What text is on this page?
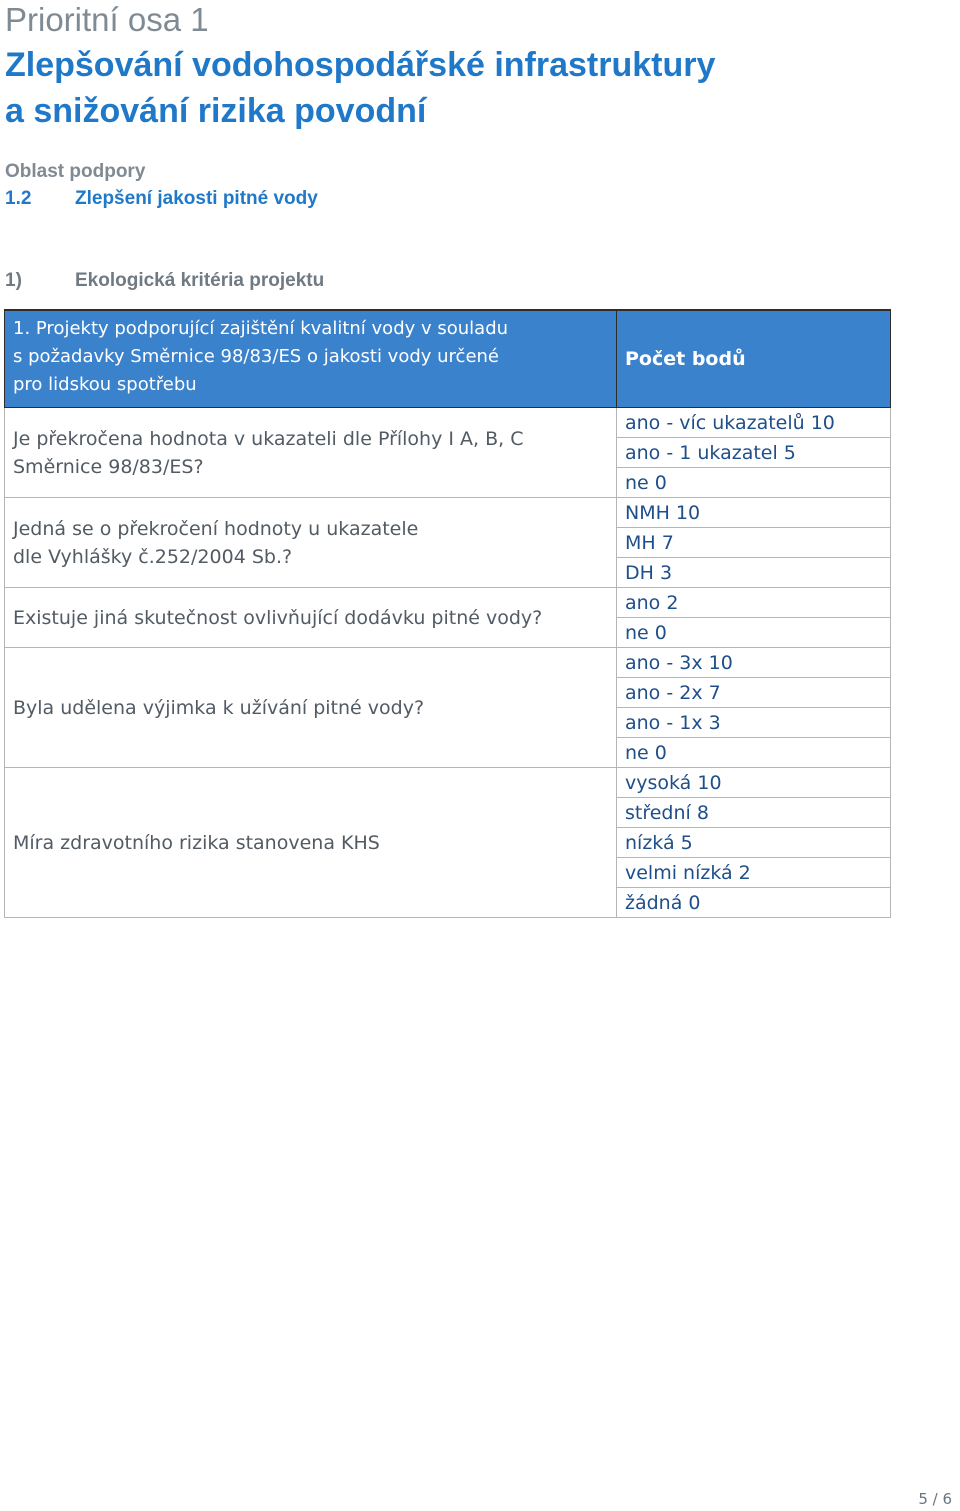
Prioritní osa 1
Zlepšování vodohospodářské infrastruktury
a snižování rizika povodní
Oblast podpory
1.2 Zlepšení jakosti pitné vody
1)	Ekologická kritéria projektu
1. Projekty podporující zajištění kvalitní vody v souladu
s požadavky Směrnice 98/83/ES o jakosti vody určené
pro lidskou spotřebu	Počet bodů

Je překročena hodnota v ukazateli dle Přílohy I A, B, C
Směrnice 98/83/ES?	ano - víc ukazatelů 10
	ano - 1 ukazatel 5
	ne 0

Jedná se o překročení hodnoty u ukazatele
dle Vyhlášky č.252/2004 Sb.?	NMH 10
	MH 7
	DH 3

Existuje jiná skutečnost ovlivňující dodávku pitné vody?	ano 2
	ne 0

Byla udělena výjimka k užívání pitné vody?	ano - 3x 10
	ano - 2x 7
	ano - 1x 3
	ne 0

Míra zdravotního rizika stanovena KHS	vysoká 10
	střední 8
	nízká 5
	velmi nízká 2
	žádná 0
5 / 6
